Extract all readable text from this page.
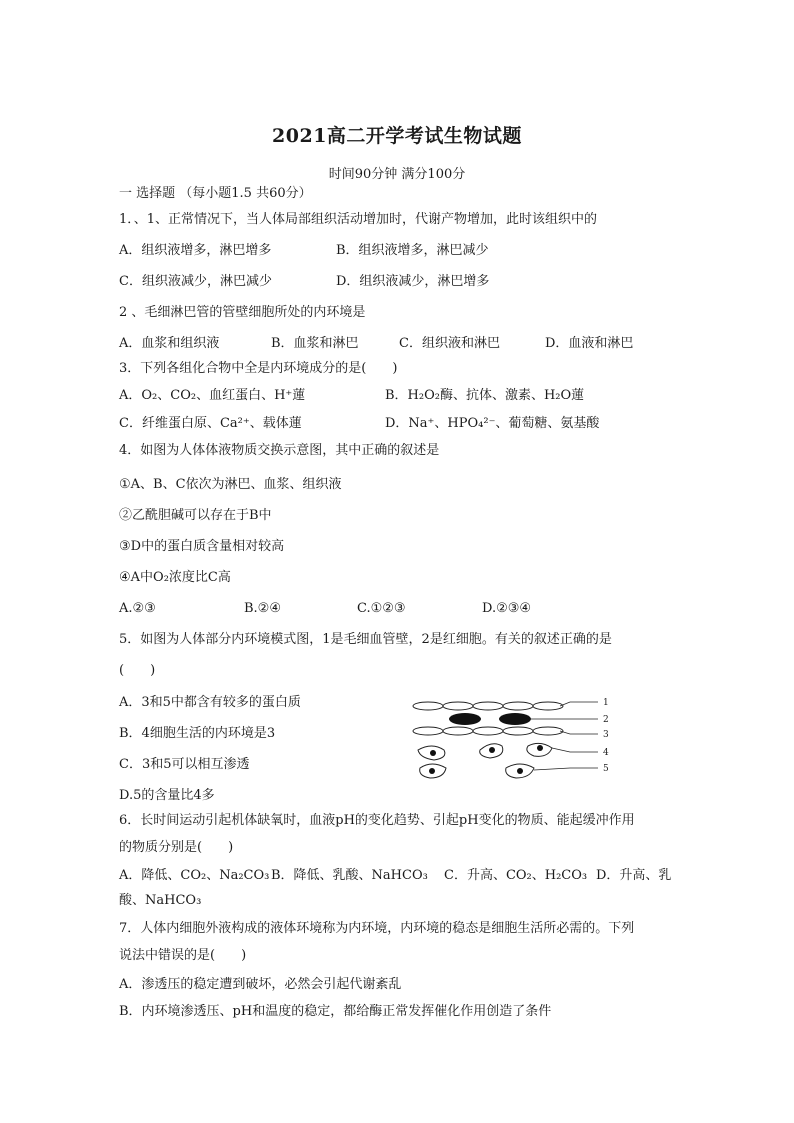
2021高二开学考试生物试题
时间90分钟 满分100分
一 选择题 （每小题1.5 共60分）
1．、1、正常情况下，当人体局部组织活动增加时，代谢产物增加，此时该组织中的
A．组织液增多，淋巴增多	B．组织液增多，淋巴减少
C．组织液减少，淋巴减少	D．组织液减少，淋巴增多
2 、毛细淋巴管的管壁细胞所处的内环境是
A．血浆和组织液	B．血浆和淋巴	C．组织液和淋巴	D．血液和淋巴
3．下列各组化合物中全是内环境成分的是(　　)
A．O₂、CO₂、血红蛋白、H⁺蓮	B．H₂O₂酶、抗体、激素、H₂O蓮
C．纤维蛋白原、Ca²⁺、载体蓮	D．Na⁺、HPO₄²⁻、葡萄糖、氨基酸
4．如图为人体体液物质交换示意图，其中正确的叙述是
①A、B、C依次为淋巴、血浆、组织液
②乙酰胆碱可以存在于B中
③D中的蛋白质含量相对较高
④A中O₂浓度比C高
A.②③	B.②④	C.①②③	D.②③④
5．如图为人体部分内环境模式图，1是毛细血管壁，2是红细胞。有关的叙述正确的是
(　　)
A．3和5中都含有较多的蛋白质
B．4细胞生活的内环境是3
C．3和5可以相互渗透
D.5的含量比4多
1
2
3
4
5
6．长时间运动引起机体缺氧时，血液pH的变化趋势、引起pH变化的物质、能起缓冲作用
的物质分别是(　　)
A．降低、CO₂、Na₂CO₃ B．降低、乳酸、NaHCO₃ C．升高、CO₂、H₂CO₃ D．升高、乳
酸、NaHCO₃
7．人体内细胞外液构成的液体环境称为内环境，内环境的稳态是细胞生活所必需的。下列
说法中错误的是(　　)
A．渗透压的稳定遭到破坏，必然会引起代谢紊乱
B．内环境渗透压、pH和温度的稳定，都给酶正常发挥催化作用创造了条件
